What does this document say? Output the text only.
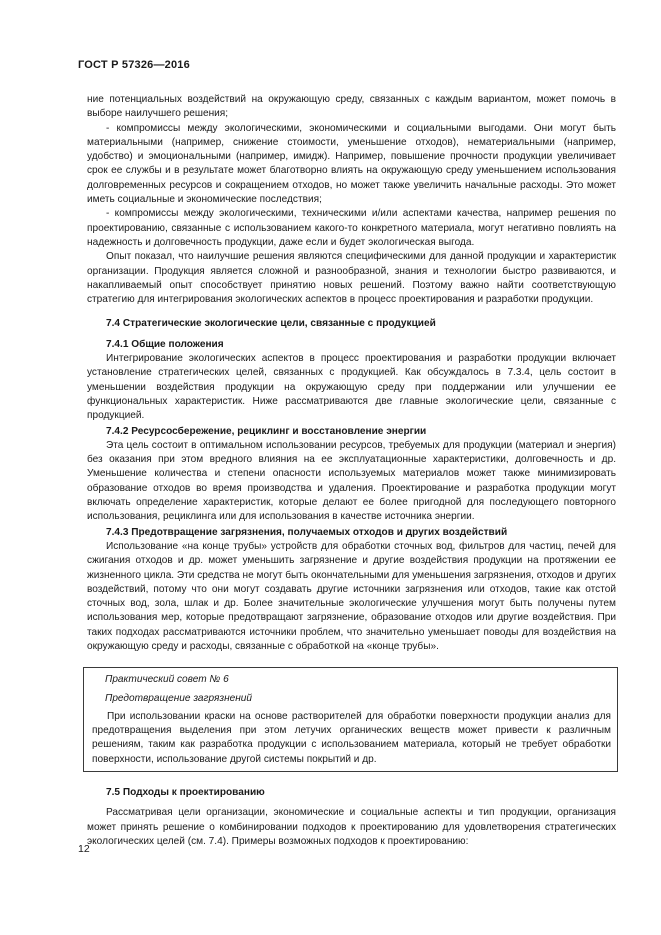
ГОСТ Р 57326—2016

ние потенциальных воздействий на окружающую среду, связанных с каждым вариантом, может помочь в выборе наилучшего решения;

- компромиссы между экологическими, экономическими и социальными выгодами. Они могут быть материальными (например, снижение стоимости, уменьшение отходов), нематериальными (например, удобство) и эмоциональными (например, имидж). Например, повышение прочности продукции увеличивает срок ее службы и в результате может благотворно влиять на окружающую среду уменьшением использования долговременных ресурсов и сокращением отходов, но может также увеличить начальные расходы. Это может иметь социальные и экономические последствия;

- компромиссы между экологическими, техническими и/или аспектами качества, например решения по проектированию, связанные с использованием какого-то конкретного материала, могут негативно повлиять на надежность и долговечность продукции, даже если и будет экологическая выгода.

Опыт показал, что наилучшие решения являются специфическими для данной продукции и характеристик организации. Продукция является сложной и разнообразной, знания и технологии быстро развиваются, и накапливаемый опыт способствует принятию новых решений. Поэтому важно найти соответствующую стратегию для интегрирования экологических аспектов в процесс проектирования и разработки продукции.

7.4 Стратегические экологические цели, связанные с продукцией
7.4.1 Общие положения

Интегрирование экологических аспектов в процесс проектирования и разработки продукции включает установление стратегических целей, связанных с продукцией. Как обсуждалось в 7.3.4, цель состоит в уменьшении воздействия продукции на окружающую среду при поддержании или улучшении ее функциональных характеристик. Ниже рассматриваются две главные экологические цели, связанные с продукцией.

7.4.2 Ресурсосбережение, рециклинг и восстановление энергии

Эта цель состоит в оптимальном использовании ресурсов, требуемых для продукции (материал и энергия) без оказания при этом вредного влияния на ее эксплуатационные характеристики, долговечность и др. Уменьшение количества и степени опасности используемых материалов может также минимизировать образование отходов во время производства и удаления. Проектирование и разработка продукции могут включать определение характеристик, которые делают ее более пригодной для последующего повторного использования, рециклинга или для использования в качестве источника энергии.

7.4.3 Предотвращение загрязнения, получаемых отходов и других воздействий

Использование «на конце трубы» устройств для обработки сточных вод, фильтров для частиц, печей для сжигания отходов и др. может уменьшить загрязнение и другие воздействия продукции на протяжении ее жизненного цикла. Эти средства не могут быть окончательными для уменьшения загрязнения, отходов и других воздействий, потому что они могут создавать другие источники загрязнения или отходов, такие как отстой сточных вод, зола, шлак и др. Более значительные экологические улучшения могут быть получены путем использования мер, которые предотвращают загрязнение, образование отходов или другие воздействия. При таких подходах рассматриваются источники проблем, что значительно уменьшает поводы для воздействия на окружающую среду и расходы, связанные с обработкой на «конце трубы».

Практический совет № 6
Предотвращение загрязнений

При использовании краски на основе растворителей для обработки поверхности продукции анализ для предотвращения выделения при этом летучих органических веществ может привести к различным решениям, таким как разработка продукции с использованием материала, который не требует обработки поверхности, использование другой системы покрытий и др.

7.5 Подходы к проектированию

Рассматривая цели организации, экономические и социальные аспекты и тип продукции, организация может принять решение о комбинировании подходов к проектированию для удовлетворения стратегических экологических целей (см. 7.4). Примеры возможных подходов к проектированию:

12
